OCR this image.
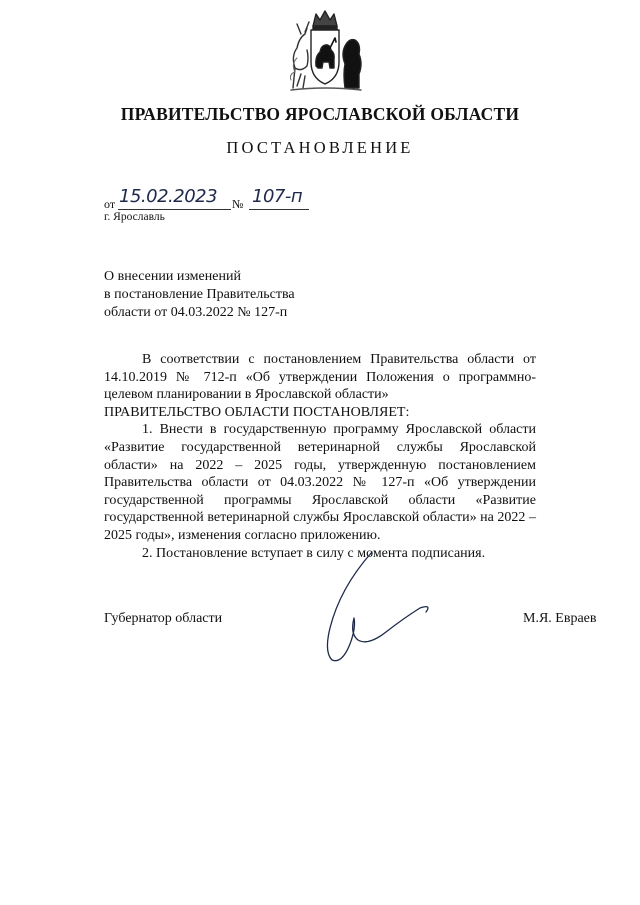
ПРАВИТЕЛЬСТВО ЯРОСЛАВСКОЙ ОБЛАСТИ
ПОСТАНОВЛЕНИЕ
от 15.02.2023 № 107-п
г. Ярославль
О внесении изменений
в постановление Правительства
области от 04.03.2022 № 127-п
В соответствии с постановлением Правительства области от 14.10.2019 № 712-п «Об утверждении Положения о программно-целевом планировании в Ярославской области»
ПРАВИТЕЛЬСТВО ОБЛАСТИ ПОСТАНОВЛЯЕТ:
1. Внести в государственную программу Ярославской области «Развитие государственной ветеринарной службы Ярославской области» на 2022 – 2025 годы, утвержденную постановлением Правительства области от 04.03.2022 № 127-п «Об утверждении государственной программы Ярославской области «Развитие государственной ветеринарной службы Ярославской области» на 2022 – 2025 годы», изменения согласно приложению.
2. Постановление вступает в силу с момента подписания.
Губернатор области	М.Я. Евраев
